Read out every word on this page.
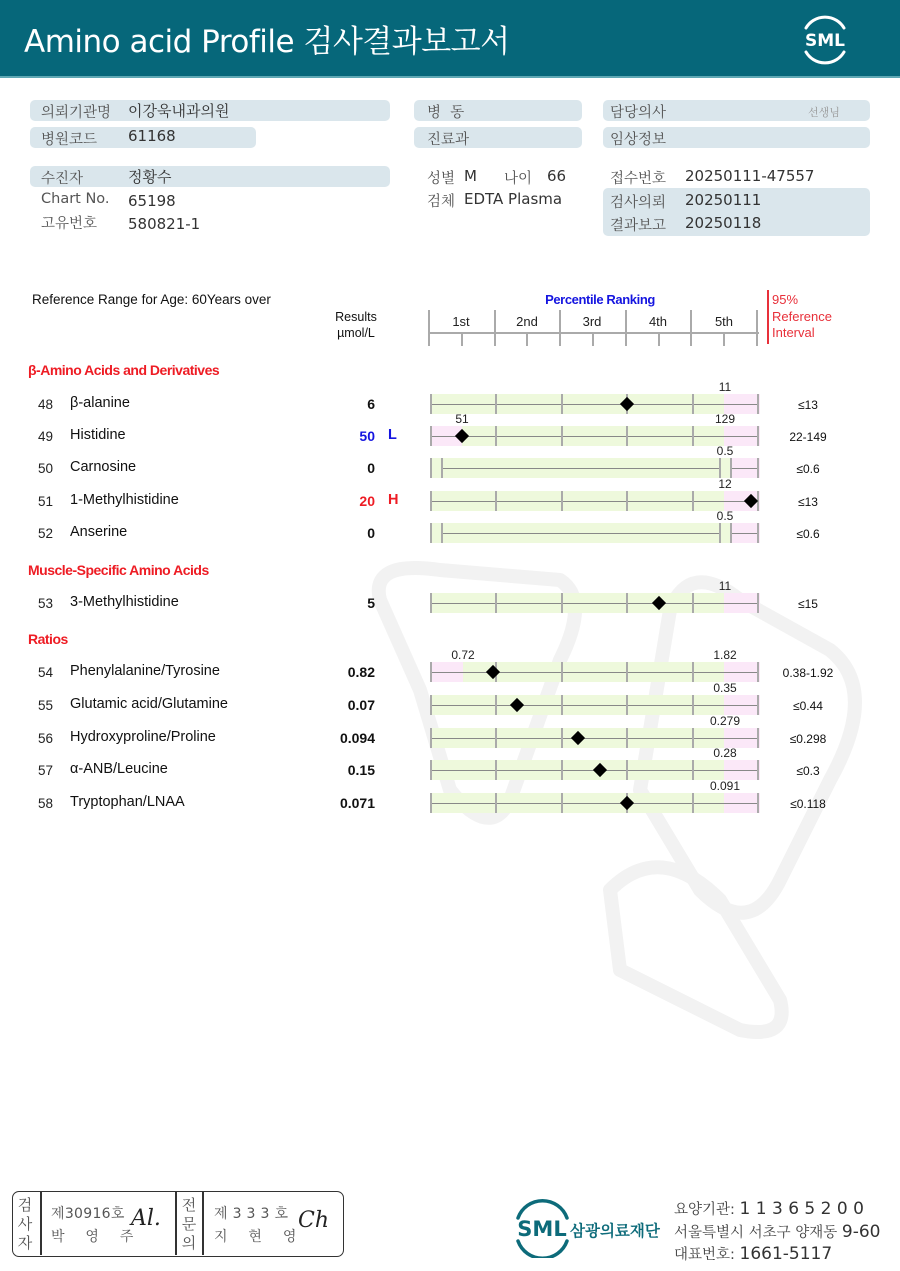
Amino acid Profile 검사결과보고서	SML
의뢰기관명 이강욱내과의원
병원코드 61168
수진자	정황수
Chart No. 65198
고유번호 580821-1
병  동
진료과
성별 M 나이 66
검체 EDTA Plasma
담당의사	선생님
임상정보
접수번호 20250111-47557
검사의뢰 20250111
결과보고 20250118
Reference Range for Age: 60Years over
Results
µmol/L
Percentile Ranking
1st	2nd	3rd	4th	5th
95%
Reference
Interval
β-Amino Acids and Derivatives
11
48 β-alanine	6	≤13
51	129
49 Histidine	50 L	22-149
0.5
50 Carnosine	0	≤0.6
12
51 1-Methylhistidine	20 H	≤13
0.5
52 Anserine	0	≤0.6
Muscle-Specific Amino Acids
11
53 3-Methylhistidine	5	≤15
Ratios
0.72	1.82
54 Phenylalanine/Tyrosine	0.82	0.38-1.92
0.35
55 Glutamic acid/Glutamine	0.07	≤0.44
0.279
56 Hydroxyproline/Proline	0.094	≤0.298
0.28
57 α-ANB/Leucine	0.15	≤0.3
0.091
58 Tryptophan/LNAA	0.071	≤0.118
검
사
자
제30916호
박  영  주
Al.
전
문
의
제 3 3 3 호
지  현  영
Ch	SML 삼광의료재단
요양기관: 1 1 3 6 5 2 0 0
서울특별시 서초구 양재동 9-60
대표번호: 1661-5117
